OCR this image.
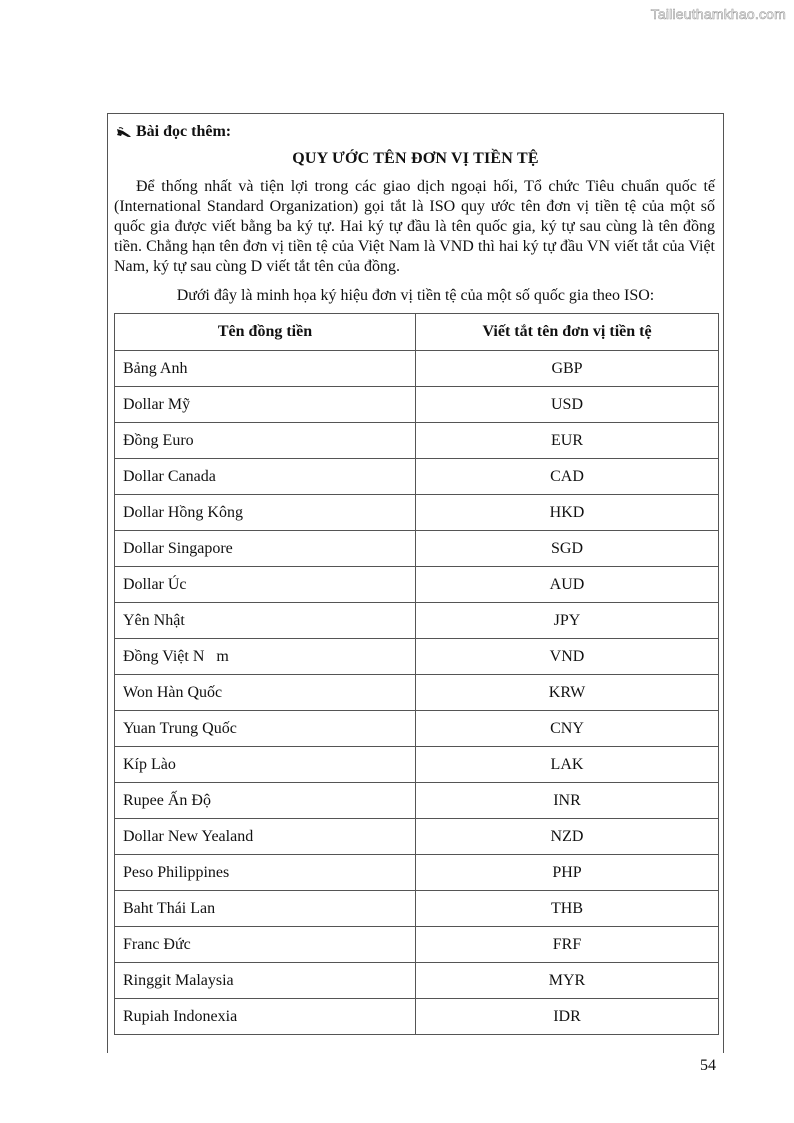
Tailieuthamkhao.com
Bài đọc thêm:
QUY ƯỚC TÊN ĐƠN VỊ TIỀN TỆ

Để thống nhất và tiện lợi trong các giao dịch ngoại hối, Tổ chức Tiêu chuẩn quốc tế (International Standard Organization) gọi tắt là ISO quy ước tên đơn vị tiền tệ của một số quốc gia được viết bằng ba ký tự. Hai ký tự đầu là tên quốc gia, ký tự sau cùng là tên đồng tiền. Chẳng hạn tên đơn vị tiền tệ của Việt Nam là VND thì hai ký tự đầu VN viết tắt của Việt Nam, ký tự sau cùng D viết tắt tên của đồng.

Dưới đây là minh họa ký hiệu đơn vị tiền tệ của một số quốc gia theo ISO:
Tên đồng tiền	Viết tắt tên đơn vị tiền tệ
Bảng Anh	GBP
Dollar Mỹ	USD
Đồng Euro	EUR
Dollar Canada	CAD
Dollar Hồng Kông	HKD
Dollar Singapore	SGD
Dollar Úc	AUD
Yên Nhật	JPY
Đồng Việt N   m	VND
Won Hàn Quốc	KRW
Yuan Trung Quốc	CNY
Kíp Lào	LAK
Rupee Ấn Độ	INR
Dollar New Yealand	NZD
Peso Philippines	PHP
Baht Thái Lan	THB
Franc Đức	FRF
Ringgit Malaysia	MYR
Rupiah Indonexia	IDR
54
